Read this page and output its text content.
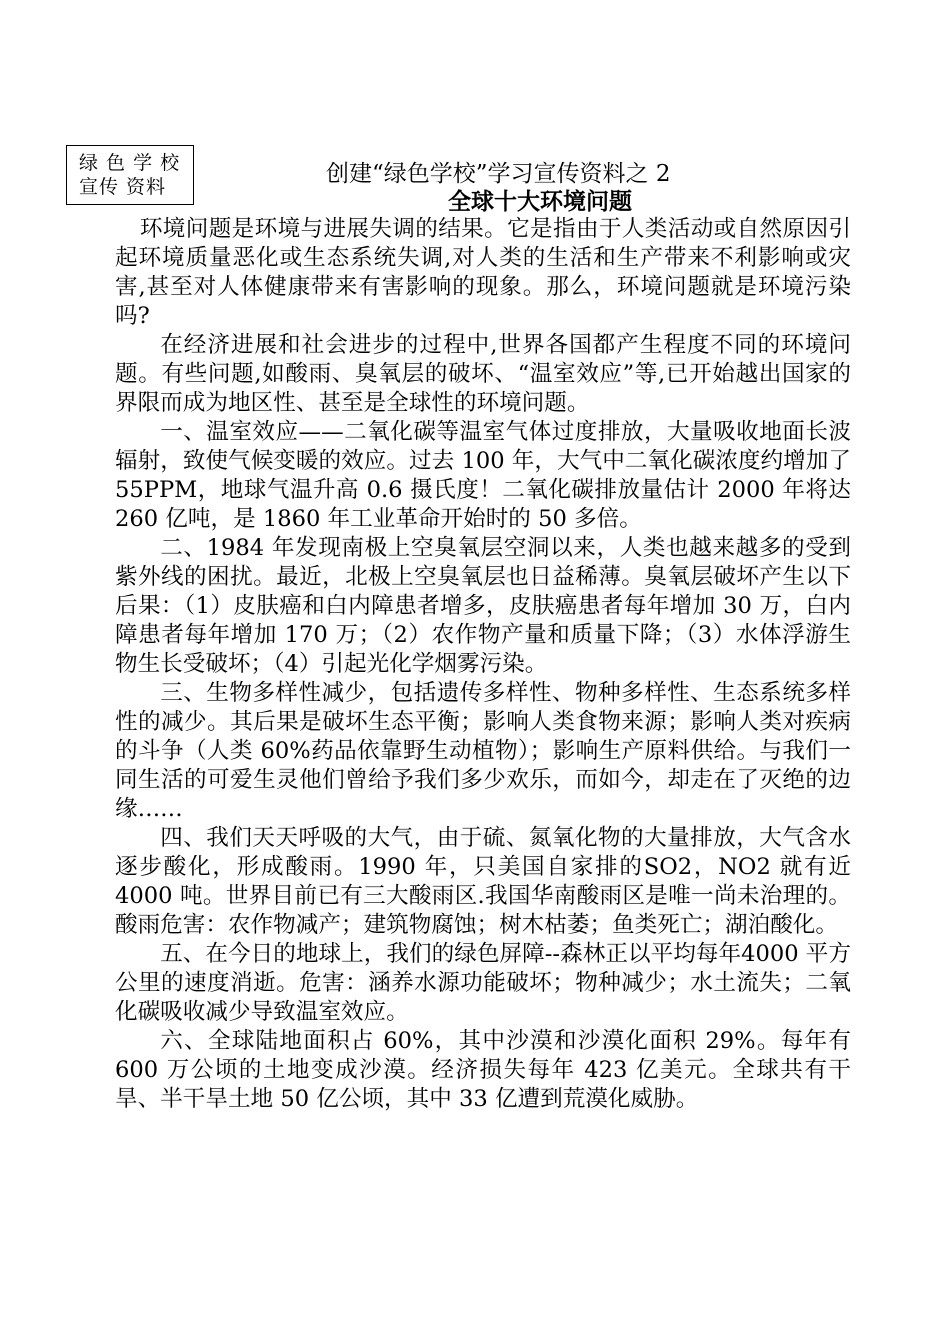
绿 色 学 校
宣传 资料	创建“绿色学校”学习宣传资料之 2
全球十大环境问题

环境问题是环境与进展失调的结果。它是指由于人类活动或自然原因引起环境质量恶化或生态系统失调,对人类的生活和生产带来不利影响或灾害,甚至对人体健康带来有害影响的现象。那么，环境问题就是环境污染吗?

在经济进展和社会进步的过程中,世界各国都产生程度不同的环境问题。有些问题,如酸雨、臭氧层的破坏、“温室效应”等,已开始越出国家的界限而成为地区性、甚至是全球性的环境问题。

一、温室效应——二氧化碳等温室气体过度排放，大量吸收地面长波辐射，致使气候变暖的效应。过去 100 年，大气中二氧化碳浓度约增加了 55PPM，地球气温升高 0.6 摄氏度！二氧化碳排放量估计 2000 年将达 260 亿吨，是 1860 年工业革命开始时的 50 多倍。

二、1984 年发现南极上空臭氧层空洞以来，人类也越来越多的受到紫外线的困扰。最近，北极上空臭氧层也日益稀薄。臭氧层破坏产生以下后果：（1）皮肤癌和白内障患者增多，皮肤癌患者每年增加 30 万，白内障患者每年增加 170 万；（2）农作物产量和质量下降；（3）水体浮游生物生长受破坏；（4）引起光化学烟雾污染。

三、生物多样性减少，包括遗传多样性、物种多样性、生态系统多样性的减少。其后果是破坏生态平衡；影响人类食物来源；影响人类对疾病的斗争（人类 60%药品依靠野生动植物）；影响生产原料供给。与我们一同生活的可爱生灵他们曾给予我们多少欢乐，而如今，却走在了灭绝的边缘……

四、我们天天呼吸的大气，由于硫、氮氧化物的大量排放，大气含水逐步酸化，形成酸雨。1990 年，只美国自家排的SO2，NO2 就有近 4000 吨。世界目前已有三大酸雨区.我国华南酸雨区是唯一尚未治理的。酸雨危害：农作物减产；建筑物腐蚀；树木枯萎；鱼类死亡；湖泊酸化。

五、在今日的地球上，我们的绿色屏障--森林正以平均每年4000 平方公里的速度消逝。危害：涵养水源功能破坏；物种减少；水土流失；二氧化碳吸收减少导致温室效应。

六、全球陆地面积占 60%，其中沙漠和沙漠化面积 29%。每年有 600 万公顷的土地变成沙漠。经济损失每年 423 亿美元。全球共有干旱、半干旱土地 50 亿公顷，其中 33 亿遭到荒漠化威胁。
